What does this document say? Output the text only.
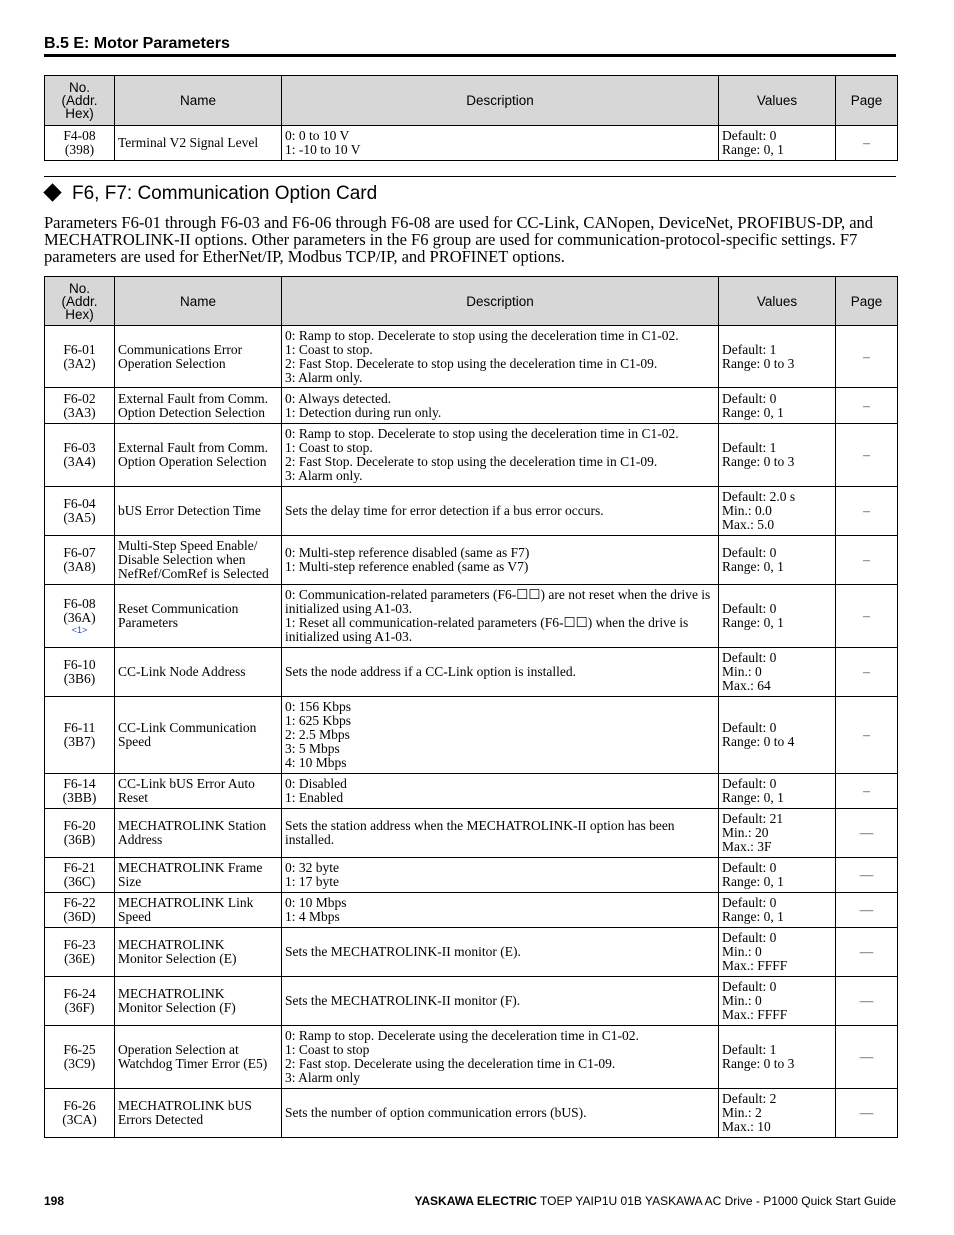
B.5 E: Motor Parameters
No.
(Addr.
Hex)	Name	Description	Values	Page

F4-08
(398)	Terminal V2 Signal Level	0: 0 to 10 V
1: -10 to 10 V	Default: 0
Range: 0, 1	–
F6, F7: Communication Option Card
Parameters F6-01 through F6-03 and F6-06 through F6-08 are used for CC-Link, CANopen, DeviceNet, PROFIBUS-DP, and MECHATROLINK-II options. Other parameters in the F6 group are used for communication-protocol-specific settings. F7 parameters are used for EtherNet/IP, Modbus TCP/IP, and PROFINET options.
No.
(Addr.
Hex)	Name	Description	Values	Page

F6-01
(3A2)	Communications Error
Operation Selection	0: Ramp to stop. Decelerate to stop using the deceleration time in C1-02.
1: Coast to stop.
2: Fast Stop. Decelerate to stop using the deceleration time in C1-09.
3: Alarm only.	Default: 1
Range: 0 to 3	–

F6-02
(3A3)	External Fault from Comm.
Option Detection Selection	0: Always detected.
1: Detection during run only.	Default: 0
Range: 0, 1	–

F6-03
(3A4)	External Fault from Comm.
Option Operation Selection	0: Ramp to stop. Decelerate to stop using the deceleration time in C1-02.
1: Coast to stop.
2: Fast Stop. Decelerate to stop using the deceleration time in C1-09.
3: Alarm only.	Default: 1
Range: 0 to 3	–

F6-04
(3A5)	bUS Error Detection Time	Sets the delay time for error detection if a bus error occurs.	Default: 2.0 s
Min.: 0.0
Max.: 5.0	–

F6-07
(3A8)	Multi-Step Speed Enable/
Disable Selection when
NefRef/ComRef is Selected	0: Multi-step reference disabled (same as F7)
1: Multi-step reference enabled (same as V7)	Default: 0
Range: 0, 1	–

F6-08
(36A)
<1>	Reset Communication
Parameters	0: Communication-related parameters (F6-☐☐) are not reset when the drive is initialized using A1-03.
1: Reset all communication-related parameters (F6-☐☐) when the drive is initialized using A1-03.	Default: 0
Range: 0, 1	–

F6-10
(3B6)	CC-Link Node Address	Sets the node address if a CC-Link option is installed.	Default: 0
Min.: 0
Max.: 64	–

F6-11
(3B7)	CC-Link Communication
Speed	0: 156 Kbps
1: 625 Kbps
2: 2.5 Mbps
3: 5 Mbps
4: 10 Mbps	Default: 0
Range: 0 to 4	–

F6-14
(3BB)	CC-Link bUS Error Auto
Reset	0: Disabled
1: Enabled	Default: 0
Range: 0, 1	–

F6-20
(36B)	MECHATROLINK Station
Address	Sets the station address when the MECHATROLINK-II option has been installed.	Default: 21
Min.: 20
Max.: 3F	—

F6-21
(36C)	MECHATROLINK Frame
Size	0: 32 byte
1: 17 byte	Default: 0
Range: 0, 1	—

F6-22
(36D)	MECHATROLINK Link
Speed	0: 10 Mbps
1: 4 Mbps	Default: 0
Range: 0, 1	—

F6-23
(36E)	MECHATROLINK
Monitor Selection (E)	Sets the MECHATROLINK-II monitor (E).	Default: 0
Min.: 0
Max.: FFFF	—

F6-24
(36F)	MECHATROLINK
Monitor Selection (F)	Sets the MECHATROLINK-II monitor (F).	Default: 0
Min.: 0
Max.: FFFF	—

F6-25
(3C9)	Operation Selection at
Watchdog Timer Error (E5)	0: Ramp to stop. Decelerate using the deceleration time in C1-02.
1: Coast to stop
2: Fast stop. Decelerate using the deceleration time in C1-09.
3: Alarm only	Default: 1
Range: 0 to 3	—

F6-26
(3CA)	MECHATROLINK bUS
Errors Detected	Sets the number of option communication errors (bUS).	Default: 2
Min.: 2
Max.: 10	—
198	YASKAWA ELECTRIC TOEP YAIP1U 01B YASKAWA AC Drive - P1000 Quick Start Guide
